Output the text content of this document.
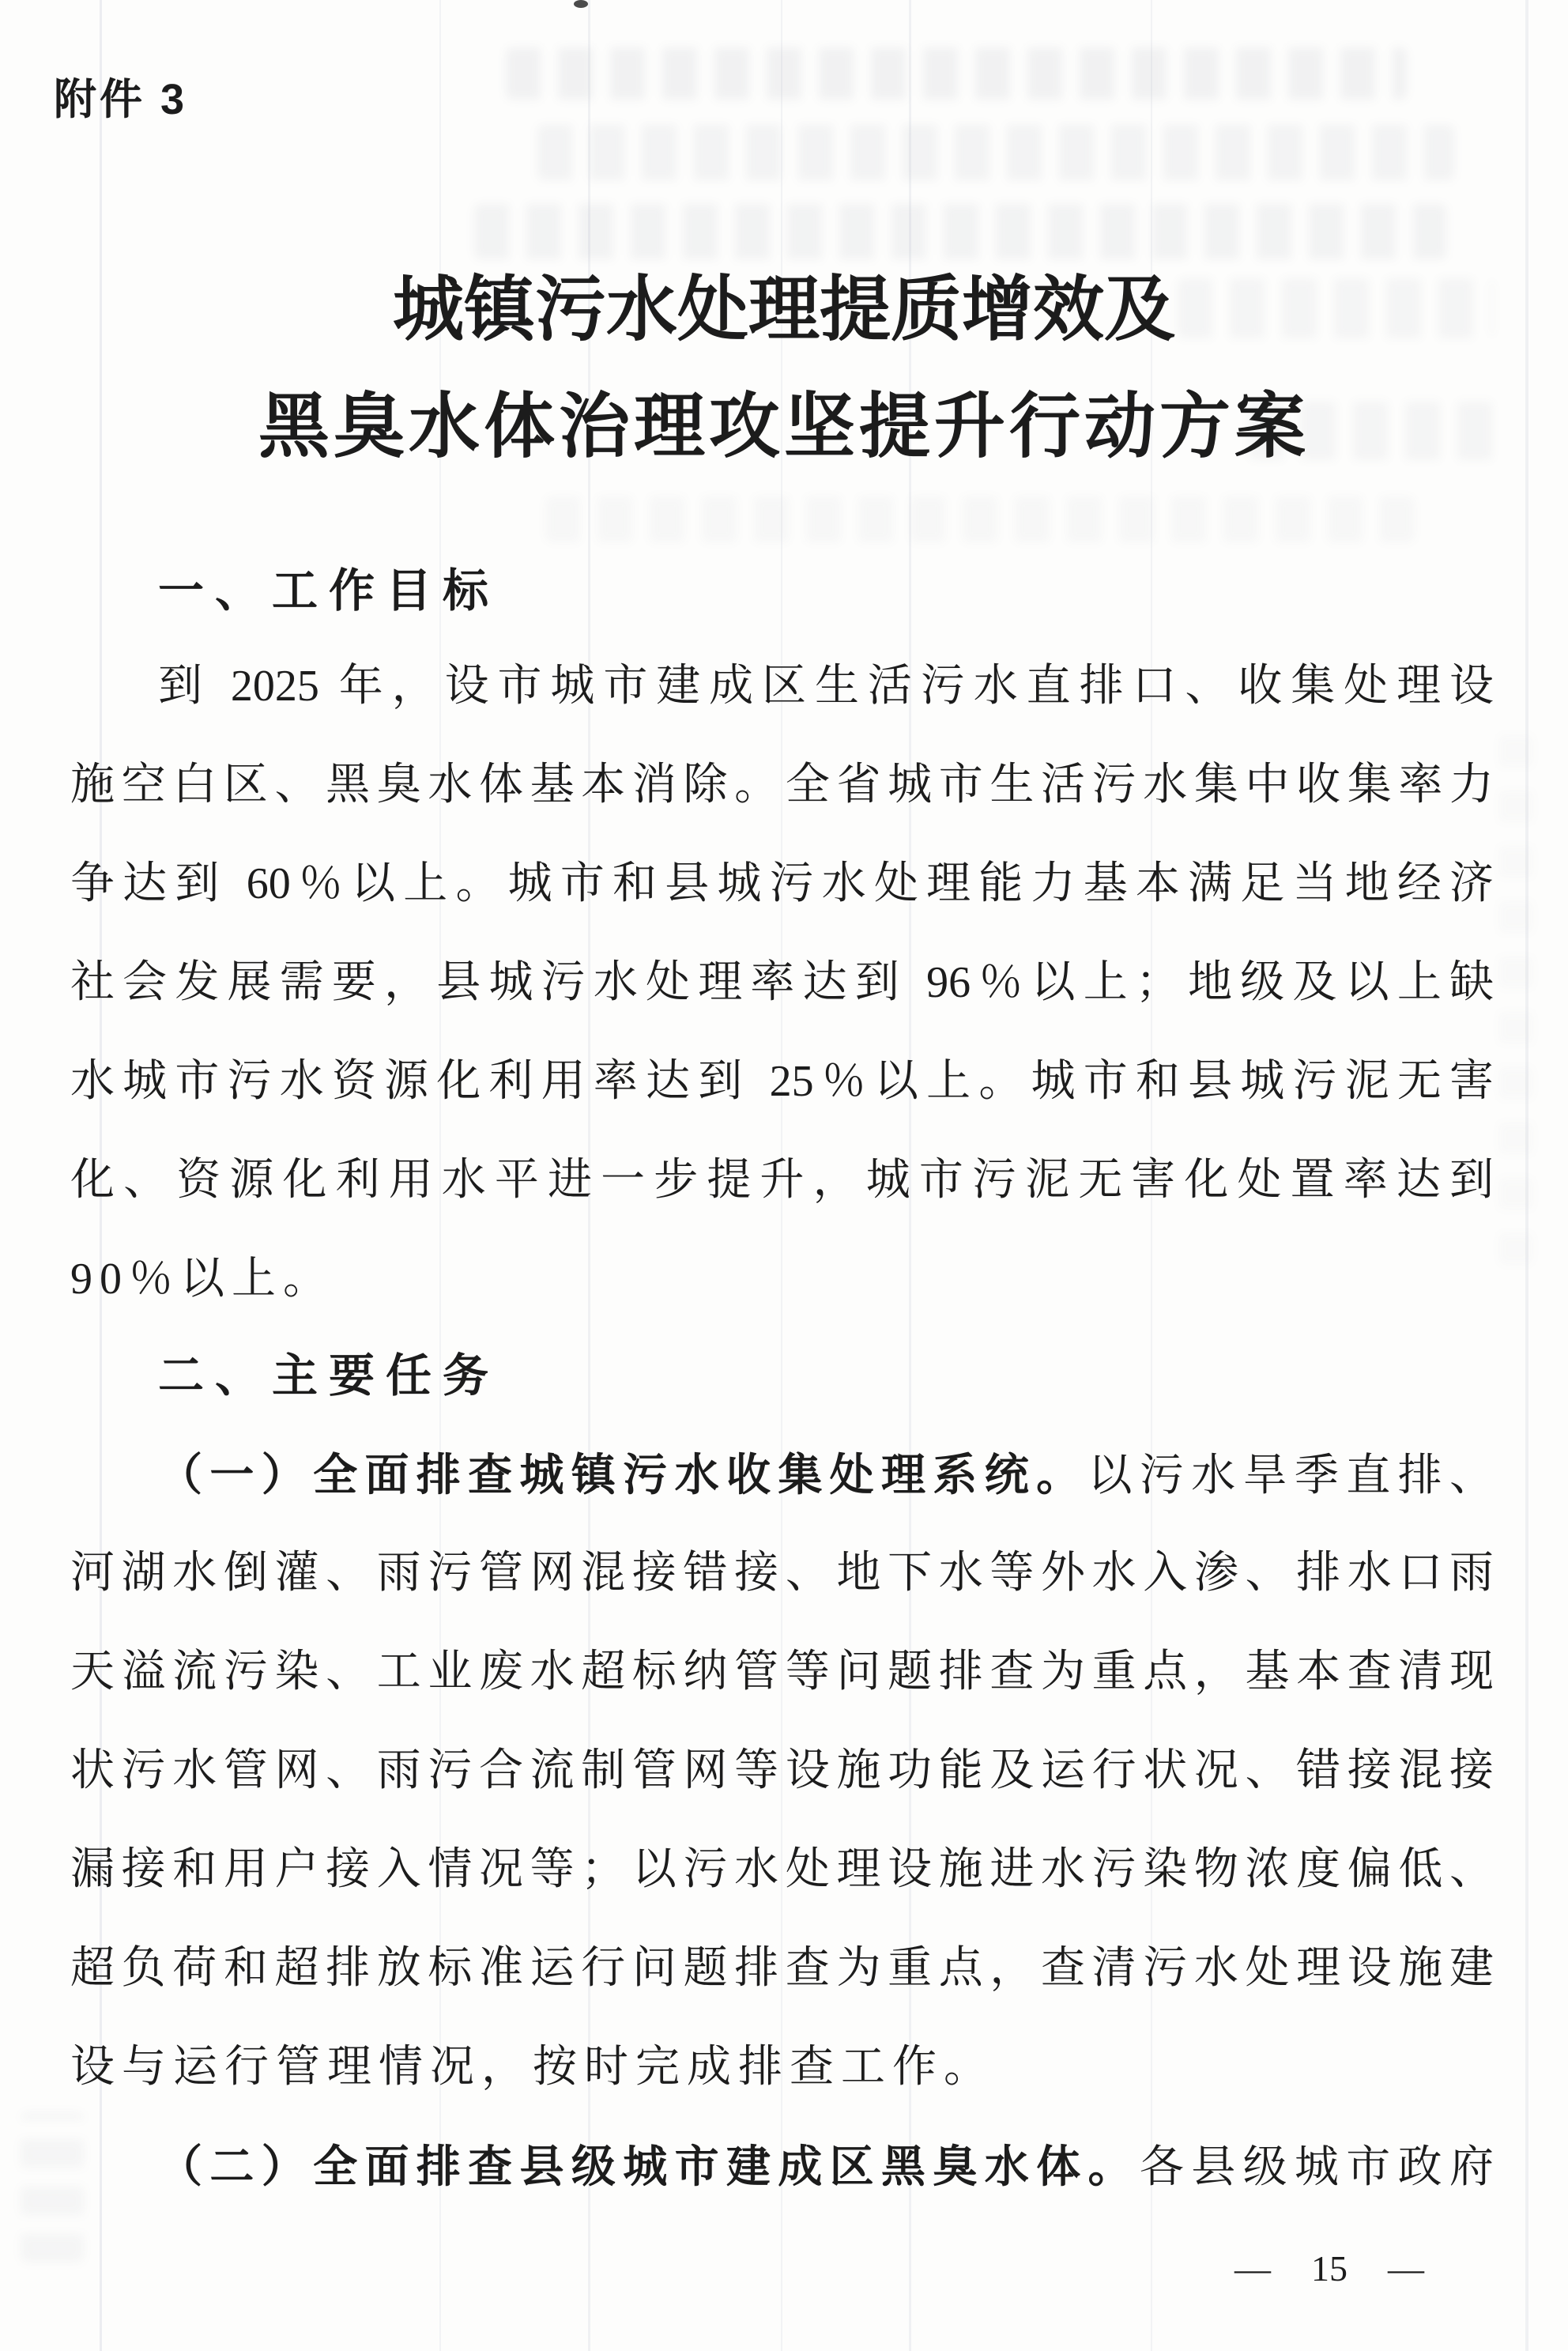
附件 3
城镇污水处理提质增效及
黑臭水体治理攻坚提升行动方案
一、工作目标
到 2025 年，设市城市建成区生活污水直排口、收集处理设
施空白区、黑臭水体基本消除。全省城市生活污水集中收集率力
争达到 60％以上。城市和县城污水处理能力基本满足当地经济
社会发展需要，县城污水处理率达到 96％以上；地级及以上缺
水城市污水资源化利用率达到 25％以上。城市和县城污泥无害
化、资源化利用水平进一步提升，城市污泥无害化处置率达到
90％以上。
二、主要任务
（一）全面排查城镇污水收集处理系统。以污水旱季直排、
河湖水倒灌、雨污管网混接错接、地下水等外水入渗、排水口雨
天溢流污染、工业废水超标纳管等问题排查为重点，基本查清现
状污水管网、雨污合流制管网等设施功能及运行状况、错接混接
漏接和用户接入情况等；以污水处理设施进水污染物浓度偏低、
超负荷和超排放标准运行问题排查为重点，查清污水处理设施建
设与运行管理情况，按时完成排查工作。
（二）全面排查县级城市建成区黑臭水体。各县级城市政府
— 15 —
